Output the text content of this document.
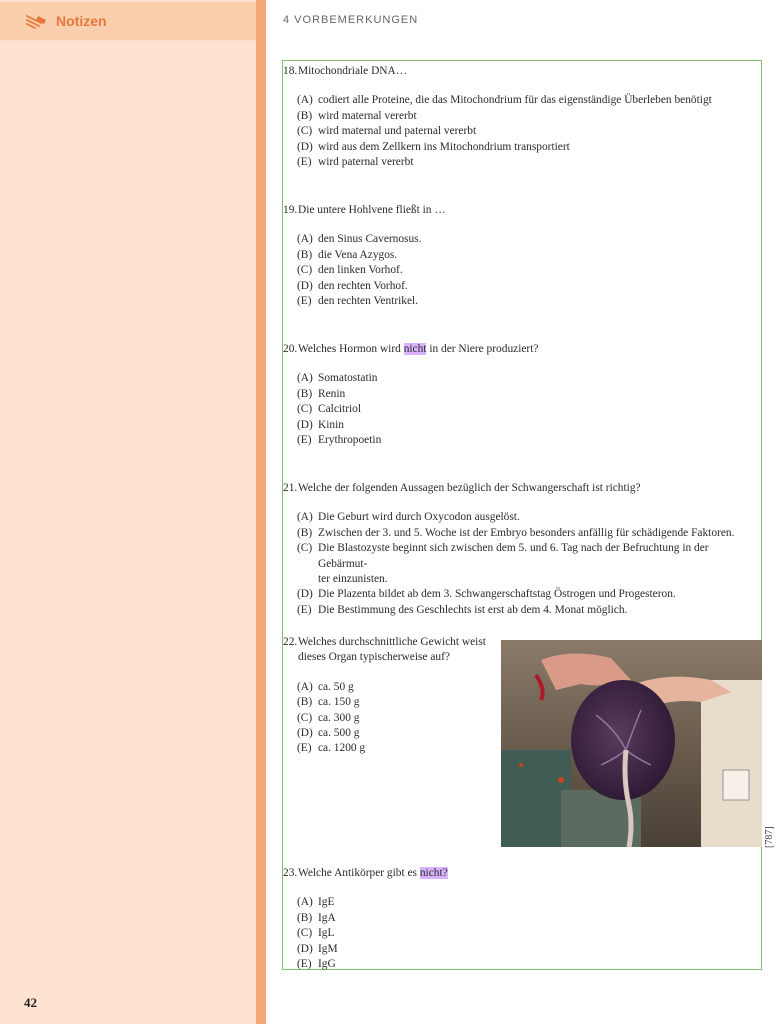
Notizen
42
4 VORBEMERKUNGEN
18. Mitochondriale DNA…
(A) codiert alle Proteine, die das Mitochondrium für das eigenständige Überleben benötigt
(B) wird maternal vererbt
(C) wird maternal und paternal vererbt
(D) wird aus dem Zellkern ins Mitochondrium transportiert
(E) wird paternal vererbt
19. Die untere Hohlvene fließt in …
(A) den Sinus Cavernosus.
(B) die Vena Azygos.
(C) den linken Vorhof.
(D) den rechten Vorhof.
(E) den rechten Ventrikel.
20. Welches Hormon wird nicht in der Niere produziert?
(A) Somatostatin
(B) Renin
(C) Calcitriol
(D) Kinin
(E) Erythropoetin
21. Welche der folgenden Aussagen bezüglich der Schwangerschaft ist richtig?
(A) Die Geburt wird durch Oxycodon ausgelöst.
(B) Zwischen der 3. und 5. Woche ist der Embryo besonders anfällig für schädigende Faktoren.
(C) Die Blastozyste beginnt sich zwischen dem 5. und 6. Tag nach der Befruchtung in der Gebärmut-
ter einzunisten.
(D) Die Plazenta bildet ab dem 3. Schwangerschaftstag Östrogen und Progesteron.
(E) Die Bestimmung des Geschlechts ist erst ab dem 4. Monat möglich.
22. Welches durchschnittliche Gewicht weist
dieses Organ typischerweise auf?
(A) ca. 50 g
(B) ca. 150 g
(C) ca. 300 g
(D) ca. 500 g
(E) ca. 1200 g
23. Welche Antikörper gibt es nicht?
(A) IgE
(B) IgA
(C) IgL
(D) IgM
(E) IgG
[787]
